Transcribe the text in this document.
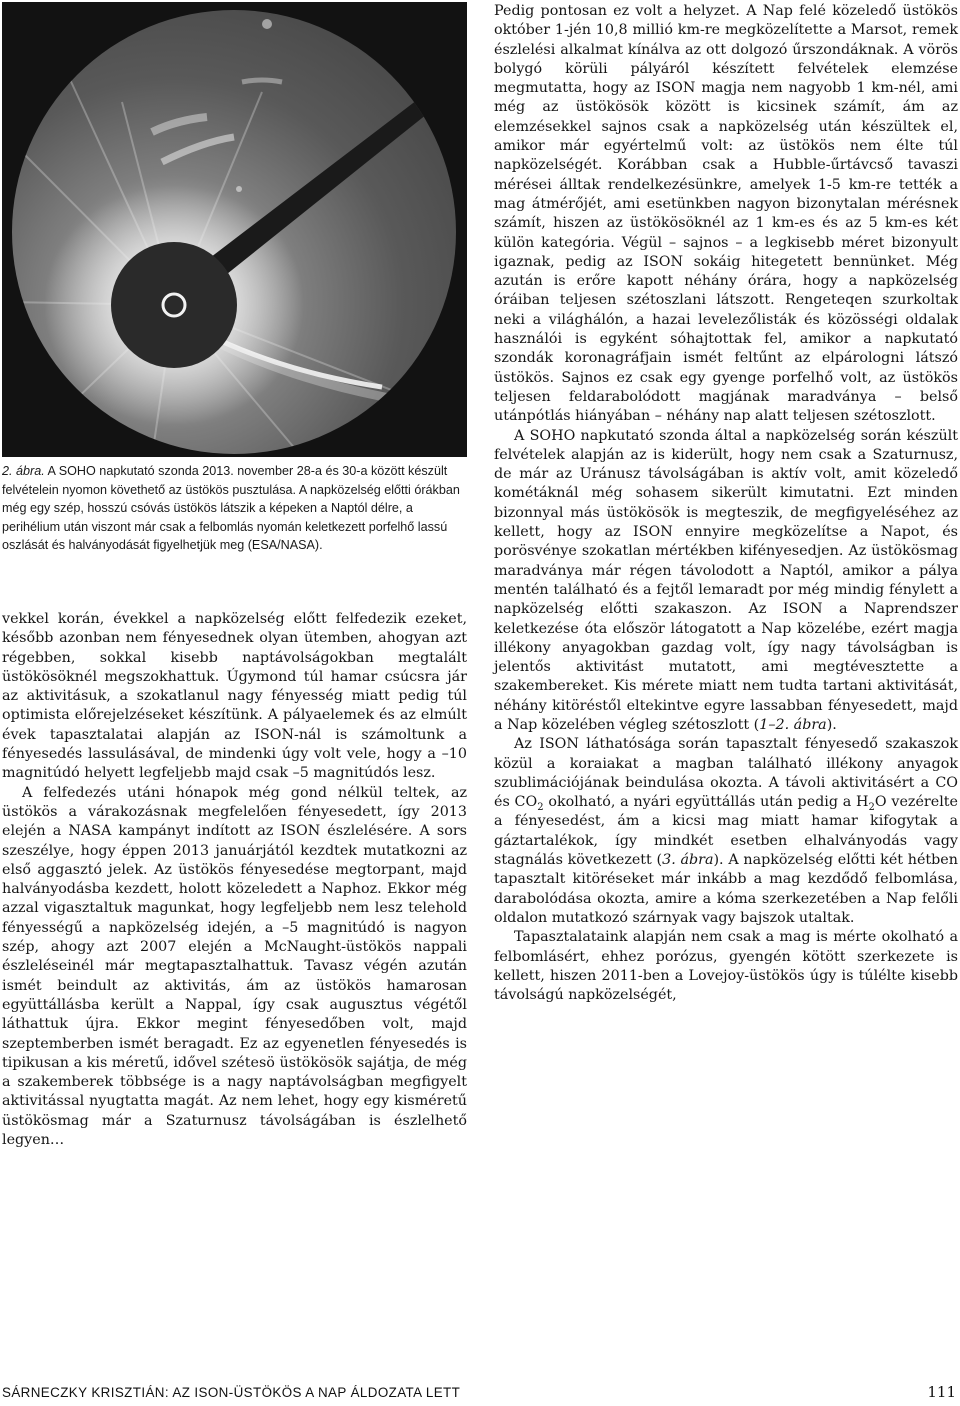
2. ábra. A SOHO napkutató szonda 2013. november 28-a és 30-a között készült felvételein nyomon követhető az üstökös pusztulása. A napközelség előtti órákban még egy szép, hosszú csóvás üstökös látszik a képeken a Naptól délre, a perihélium után viszont már csak a felbomlás nyomán keletkezett porfelhő lassú oszlását és halványodását figyelhetjük meg (ESA/NASA).

vekkel korán, évekkel a napközelség előtt felfedezik ezeket, később azonban nem fényesednek olyan ütemben, ahogyan azt régebben, sokkal kisebb naptávolságokban megtalált üstökösöknél megszokhattuk. Úgymond túl hamar csúcsra jár az aktivitásuk, a szokatlanul nagy fényesség miatt pedig túl optimista előrejelzéseket készítünk. A pályaelemek és az elmúlt évek tapasztalatai alapján az ISON-nál is számoltunk a fényesedés lassulásával, de mindenki úgy volt vele, hogy a –10 magnitúdó helyett legfeljebb majd csak –5 magnitúdós lesz.

A felfedezés utáni hónapok még gond nélkül teltek, az üstökös a várakozásnak megfelelően fényesedett, így 2013 elején a NASA kampányt indított az ISON észlelésére. A sors szeszélye, hogy éppen 2013 januárjától kezdtek mutatkozni az első aggasztó jelek. Az üstökös fényesedése megtorpant, majd halványodásba kezdett, holott közeledett a Naphoz. Ekkor még azzal vigasztaltuk magunkat, hogy legfeljebb nem lesz telehold fényességű a napközelség idején, a –5 magnitúdó is nagyon szép, ahogy azt 2007 elején a McNaught-üstökös nappali észleléseinél már megtapasztalhattuk. Tavasz végén azután ismét beindult az aktivitás, ám az üstökös hamarosan együttállásba került a Nappal, így csak augusztus végétől láthattuk újra. Ekkor megint fényesedőben volt, majd szeptemberben ismét beragadt. Ez az egyenetlen fényesedés is tipikusan a kis méretű, idővel szétesö üstökösök sajátja, de még a szakemberek többsége is a nagy naptávolságban megfigyelt aktivitással nyugtatta magát. Az nem lehet, hogy egy kisméretű üstökösmag már a Szaturnusz távolságában is észlelhető legyen…

Pedig pontosan ez volt a helyzet. A Nap felé közeledő üstökös október 1-jén 10,8 millió km-re megközelítette a Marsot, remek észlelési alkalmat kínálva az ott dolgozó űrszondáknak. A vörös bolygó körüli pályáról készített felvételek elemzése megmutatta, hogy az ISON magja nem nagyobb 1 km-nél, ami még az üstökösök között is kicsinek számít, ám az elemzésekkel sajnos csak a napközelség után készültek el, amikor már egyértelmű volt: az üstökös nem élte túl napközelségét. Korábban csak a Hubble-űrtávcső tavaszi mérései álltak rendelkezésünkre, amelyek 1-5 km-re tették a mag átmérőjét, ami esetünkben nagyon bizonytalan mérésnek számít, hiszen az üstökösöknél az 1 km-es és az 5 km-es két külön kategória. Végül – sajnos – a legkisebb méret bizonyult igaznak, pedig az ISON sokáig hitegetett bennünket. Még azután is erőre kapott néhány órára, hogy a napközelség óráiban teljesen szétoszlani látszott. Rengeteqen szurkoltak neki a világhálón, a hazai levelezőlisták és közösségi oldalak használói is egyként sóhajtottak fel, amikor a napkutató szondák koronagráfjain ismét feltűnt az elpárologni látszó üstökös. Sajnos ez csak egy gyenge porfelhő volt, az üstökös teljesen feldarabolódott magjának maradványa – belső utánpótlás hiányában – néhány nap alatt teljesen szétoszlott.

A SOHO napkutató szonda által a napközelség során készült felvételek alapján az is kiderült, hogy nem csak a Szaturnusz, de már az Uránusz távolságában is aktív volt, amit közeledő kométáknál még sohasem sikerült kimutatni. Ezt minden bizonnyal más üstökösök is megteszik, de megfigyeléséhez az kellett, hogy az ISON ennyire megközelítse a Napot, és porösvénye szokatlan mértékben kifényesedjen. Az üstökösmag maradványa már régen távolodott a Naptól, amikor a pálya mentén található és a fejtől lemaradt por még mindig fénylett a napközelség előtti szakaszon. Az ISON a Naprendszer keletkezése óta először látogatott a Nap közelébe, ezért magja illékony anyagokban gazdag volt, így nagy távolságban is jelentős aktivitást mutatott, ami megtévesztette a szakembereket. Kis mérete miatt nem tudta tartani aktivitását, néhány kitöréstől eltekintve egyre lassabban fényesedett, majd a Nap közelében végleg szétoszlott (1–2. ábra).

Az ISON láthatósága során tapasztalt fényesedő szakaszok közül a koraiakat a magban található illékony anyagok szublimációjának beindulása okozta. A távoli aktivitásért a CO és $CO_2$ okolható, a nyári együttállás után pedig a $H_2O$ vezérelte a fényesedést, ám a kicsi mag miatt hamar kifogytak a gáztartalékok, így mindkét esetben elhalványodás vagy stagnálás következett (3. ábra). A napközelség előtti két hétben tapasztalt kitöréseket már inkább a mag kezdődő felbomlása, darabolódása okozta, amire a kóma szerkezetében a Nap felőli oldalon mutatkozó szárnyak vagy bajszok utaltak.

Tapasztalataink alapján nem csak a mag is mérte okolható a felbomlásért, ehhez porózus, gyengén kötött szerkezete is kellett, hiszen 2011-ben a Lovejoy-üstökös úgy is túlélte kisebb távolságú napközelségét,

SÁRNECZKY KRISZTIÁN: AZ ISON-ÜSTÖKÖS A NAP ÁLDOZATA LETT	111
